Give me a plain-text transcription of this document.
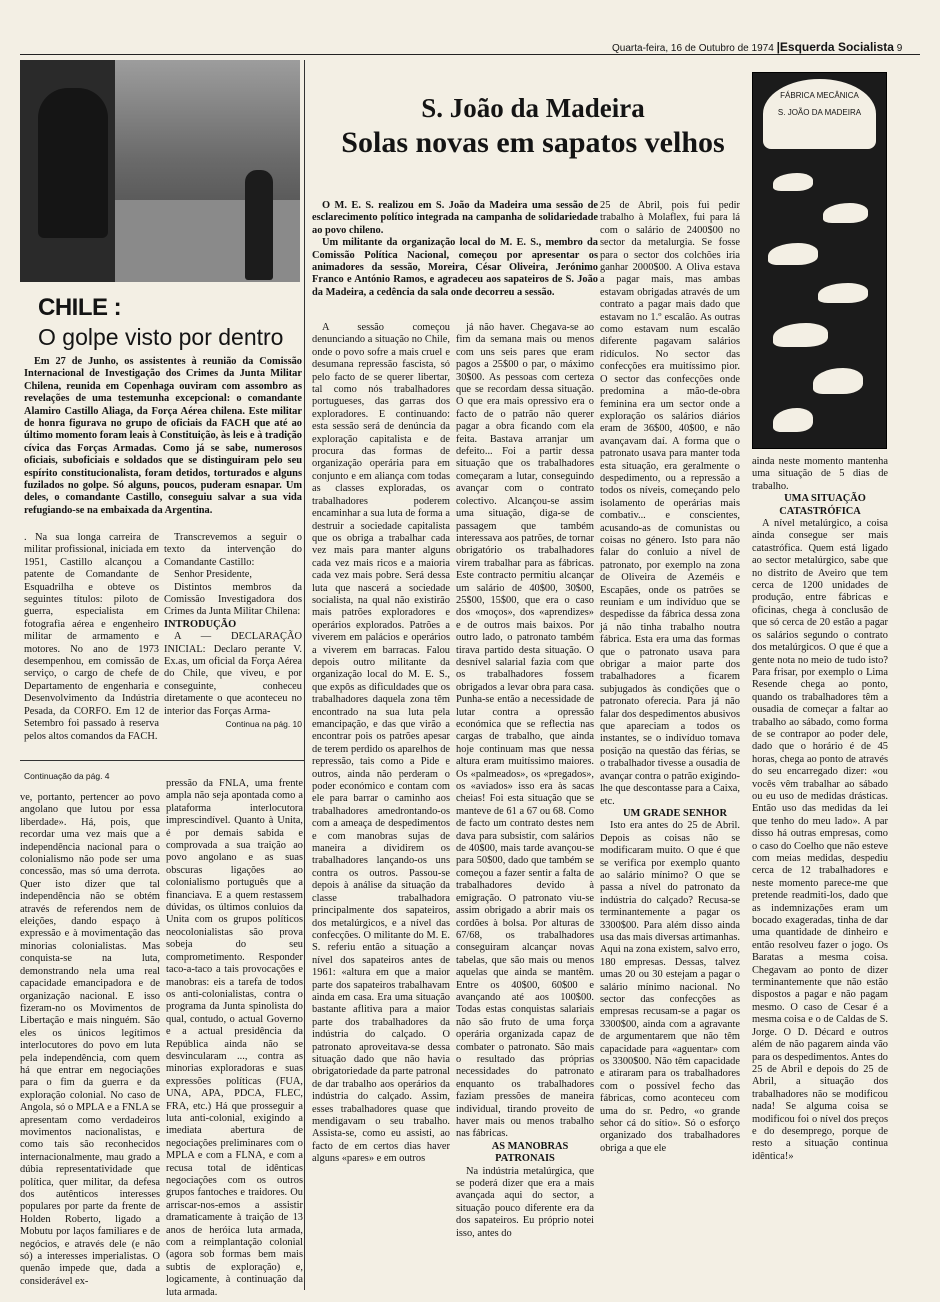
Quarta-feira, 16 de Outubro de 1974 |Esquerda Socialista 9
CHILE :
O golpe visto por dentro

Em 27 de Junho, os assistentes à reunião da Comissão Internacional de Investigação dos Crimes da Junta Militar Chilena, reunida em Copenhaga ouviram com assombro as revelações de uma testemunha excepcional: o comandante Alamiro Castillo Aliaga, da Força Aérea chilena. Este militar de honra figurava no grupo de oficiais da FACH que até ao último momento foram leais à Constituição, às leis e à tradição cívica das Forças Armadas. Como já se sabe, numerosos oficiais, suboficiais e soldados que se distinguiram pelo seu espírito constitucionalista, foram detidos, torturados e alguns fuzilados no golpe. Só alguns, poucos, puderam esnapar. Um deles, o comandante Castillo, conseguiu salvar a sua vida refugiando-se na embaixada da Argentina.

. Na sua longa carreira de militar profissional, iniciada em 1951, Castillo alcançou a patente de Comandante de Esquadrilha e obteve os seguintes títulos: piloto de guerra, especialista em fotografia aérea e engenheiro militar de armamento e motores. No ano de 1973 desempenhou, em comissão de serviço, o cargo de chefe de Departamento de engenharia e Desenvolvimento da Indústria Pesada, da CORFO. Em 12 de Setembro foi passado à reserva pelos altos comandos da FACH.

Transcrevemos a seguir o texto da intervenção do Comandante Castillo:

Senhor Presidente,

Distintos membros da Comissão Investigadora dos Crimes da Junta Militar Chilena:

INTRODUÇÃO

A — DECLARAÇÃO INICIAL: Declaro perante V. Ex.as, um oficial da Força Aérea do Chile, que viveu, e por conseguinte, conheceu diretamente o que aconteceu no interior das Forças Arma-

Continua na pág. 10

Continuação da pág. 4

ve, portanto, pertencer ao povo angolano que lutou por essa liberdade». Há, pois, que recordar uma vez mais que a independência nacional para o colonialismo não pode ser uma concessão, mas só uma derrota. Quer isto dizer que tal independência não se obtém através de referendos nem de eleições, dando espaço à expressão e à movimentação das minorias colonialistas. Mas conquista-se na luta, demonstrando nela uma real capacidade emancipadora e de organização nacional. E isso fizeram-no os Movimentos de Libertação e mais ninguém. São eles os únicos legítimos interlocutores do povo em luta pela independência, com quem há que entrar em negociações para o fim da guerra e da exploração colonial. No caso de Angola, só o MPLA e a FNLA se apresentam como verdadeiros movimentos nacionalistas, e como tais são reconhecidos internacionalmente, mau grado a dúbia representatividade que política, quer militar, da defesa dos autênticos interesses populares por parte da frente de Holden Roberto, ligado a Mobutu por laços familiares e de negócios, e através dele (e não só) a interesses imperialistas. O quenão impede que, dada a considerável ex-

pressão da FNLA, uma frente ampla não seja apontada como a plataforma interlocutora imprescindível. Quanto à Unita, é por demais sabida e comprovada a sua traição ao povo angolano e as suas obscuras ligações ao colonialismo português que a financiava. E a quem restassem dúvidas, os últimos conluios da Unita com os grupos políticos neocolonialistas são prova sobeja do seu comprometimento. Responder taco-a-taco a tais provocações e manobras: eis a tarefa de todos os anti-colonialistas, contra o programa da Junta spinolista do qual, contudo, o actual Governo e a actual presidência da República ainda não se desvincularam ..., contra as minorias exploradoras e suas expressões políticas (FUA, UNA, APA, PDCA, FLEC, FRA, etc.) Há que prosseguir a luta anti-colonial, exigindo a imediata abertura de negociações preliminares com o MPLA e com a FLNA, e com a recusa total de idênticas negociações com os outros grupos fantoches e traidores. Ou arriscar-nos-emos a assistir dramaticamente à traição de 13 anos de heróica luta armada, com a reimplantação colonial (agora sob formas bem mais subtis de exploração) e, logicamente, à continuação da luta armada.

S. João da Madeira
Solas novas em sapatos velhos
FÁBRICA MECÂNICA
S. JOÃO DA MADEIRA

O M. E. S. realizou em S. João da Madeira uma sessão de esclarecimento político integrada na campanha de solidariedade ao povo chileno.

Um militante da organização local do M. E. S., membro da Comissão Política Nacional, começou por apresentar os animadores da sessão, Moreira, César Oliveira, Jerónimo Franco e António Ramos, e agradeceu aos sapateiros de S. João da Madeira, a cedência da sala onde decorreu a sessão.

A sessão começou denunciando a situação no Chile, onde o povo sofre a mais cruel e desumana repressão fascista, só pelo facto de se querer libertar, tal como nós trabalhadores portugueses, das garras dos exploradores. E continuando: esta sessão será de denúncia da exploração capitalista e de procura das formas de organização operária para em conjunto e em aliança com todas as classes exploradas, os trabalhadores poderem encaminhar a sua luta de forma a destruir a sociedade capitalista que os obriga a trabalhar cada vez mais para manter alguns cada vez mais ricos e a maioria cada vez mais pobre. Será dessa luta que nascerá a sociedade socialista, na qual não existirão mais patrões exploradores e operários explorados. Patrões a viverem em palácios e operários a viverem em barracas. Falou depois outro militante da organização local do M. E. S., que expôs as dificuldades que os trabalhadores daquela zona têm encontrado na sua luta pela emancipação, e das que virão a encontrar pois os patrões apesar de terem perdido os aparelhos de repressão, tais como a Pide e outros, ainda não perderam o poder económico e contam com ele para barrar o caminho aos trabalhadores amedrontando-os com a ameaça de despedimentos e com manobras sujas de maneira a dividirem os trabalhadores lançando-os uns contra os outros. Passou-se depois à análise da situação da classe trabalhadora principalmente dos sapateiros, dos metalúrgicos, e a nível das confecções. O militante do M. E. S. referiu então a situação a nível dos sapateiros antes de 1961: «altura em que a maior parte dos sapateiros trabalhavam ainda em casa. Era uma situação bastante aflitiva para a maior parte dos trabalhadores da indústria do calçado. O patronato aproveitava-se dessa situação dado que não havia obrigatoriedade da parte patronal de dar trabalho aos operários da indústria do calçado. Assim, esses trabalhadores quase que mendigavam o seu trabalho. Assista-se, como eu assisti, ao facto de em certos dias haver alguns «pares» e em outros

já não haver. Chegava-se ao fim da semana mais ou menos com uns seis pares que eram pagos a 25$00 o par, o máximo 30$00. As pessoas com certeza que se recordam dessa situação. O que era mais opressivo era o facto de o patrão não querer pagar a obra ficando com ela feita. Bastava arranjar um defeito... Foi a partir dessa situação que os trabalhadores começaram a lutar, conseguindo avançar com o contrato colectivo. Alcançou-se assim uma situação, diga-se de passagem que também interessava aos patrões, de tornar obrigatório os trabalhadores virem trabalhar para as fábricas. Este contracto permitiu alcançar um salário de 40$00, 30$00, 25$00, 15$00, que era o caso dos «moços», dos «aprendizes» e de outros mais baixos. Por outro lado, o patronato também tirava partido desta situação. O desnível salarial fazia com que os trabalhadores fossem obrigados a levar obra para casa. Punha-se então a necessidade de lutar contra a opressão económica que se reflectia nas cargas de trabalho, que ainda hoje continuam mas que nessa altura eram muitíssimo maiores. Os «palmeados», os «pregados», os «aviados» isso era às sacas cheias! Foi esta situação que se manteve de 61 a 67 ou 68. Como de facto um contrato destes nem dava para subsistir, com salários de 40$00, mais tarde avançou-se para 50$00, dado que também se começou a fazer sentir a falta de trabalhadores devido à emigração. O patronato viu-se assim obrigado a abrir mais os cordões à bolsa. Por alturas de 67/68, os trabalhadores conseguiram alcançar novas tabelas, que são mais ou menos aquelas que ainda se mantêm. Entre os 40$00, 60$00 e avançando até aos 100$00. Todas estas conquistas salariais não são fruto de uma força operária organizada capaz de combater o patronato. São mais o resultado das próprias necessidades do patronato enquanto os trabalhadores faziam pressões de maneira individual, tirando proveito de haver mais ou menos trabalho nas fábricas.

AS MANOBRAS PATRONAIS

Na indústria metalúrgica, que se poderá dizer que era a mais avançada aqui do sector, a situação pouco diferente era da dos sapateiros. Eu próprio notei isso, antes do

25 de Abril, pois fui pedir trabalho à Molaflex, fui para lá com o salário de 2400$00 no sector da metalurgia. Se fosse para o sector dos colchões iria ganhar 2000$00. A Oliva estava a pagar mais, mas ambas estavam obrigadas através de um contrato a pagar mais dado que estavam no 1.º escalão. As outras como estavam num escalão diferente pagavam salários ridículos. No sector das confecções era muitíssimo pior. O sector das confecções onde predomina a mão-de-obra feminina era um sector onde a exploração os salários diários eram de 36$00, 40$00, e não avançavam daí. A forma que o patronato usava para manter toda esta situação, era geralmente o despedimento, ou a repressão a todos os níveis, começando pelo isolamento de operárias mais combativ... e conscientes, acusando-as de comunistas ou coisas no género. Isto para não falar do conluio a nível de patronato, por exemplo na zona de Oliveira de Azeméis e Escapães, onde os patrões se reuniam e um indivíduo que se despedisse da fábrica dessa zona já não tinha trabalho noutra fábrica. Esta era uma das formas que o patronato usava para obrigar a maior parte dos trabalhadores a ficarem subjugados às condições que o patronato oferecia. Para já não falar dos despedimentos abusivos que apareciam a todos os instantes, se o indivíduo tomava posição na questão das férias, se o trabalhador tivesse a ousadia de avançar contra o patrão exigindo-lhe que descontasse para a Caixa, etc.

UM GRADE SENHOR

Isto era antes do 25 de Abril. Depois as coisas não se modificaram muito. O que é que se verifica por exemplo quanto ao salário mínimo? O que se passa a nível do patronato da indústria do calçado? Recusa-se terminantemente a pagar os 3300$00. Para além disso ainda usa das mais diversas artimanhas. Aqui na zona existem, salvo erro, 180 empresas. Dessas, talvez umas 20 ou 30 estejam a pagar o salário mínimo nacional. No sector das confecções as empresas recusam-se a pagar os 3300$00, ainda com a agravante de argumentarem que não têm capacidade para «aguentar» com os 3300$00. Não têm capacidade e atiraram para os trabalhadores com o possível fecho das fábricas, como aconteceu com uma do sr. Pedro, «o grande sehor cá do sítio». Só o esforço organizado dos trabalhadores obriga a que ele

ainda neste momento mantenha uma situação de 5 dias de trabalho.

UMA SITUAÇÃO CATASTRÓFICA

A nível metalúrgico, a coisa ainda consegue ser mais catastrófica. Quem está ligado ao sector metalúrgico, sabe que no distrito de Aveiro que tem cerca de 1200 unidades de produção, entre fábricas e oficinas, chega à conclusão de que só cerca de 20 estão a pagar os salários segundo o contrato dos metalúrgicos. O que é que a gente nota no meio de tudo isto? Para frisar, por exemplo o Lima Resende chega ao ponto, quando os trabalhadores têm a ousadia de começar a faltar ao trabalho ao sábado, como forma de se contrapor ao poder dele, dado que o horário é de 45 horas, chega ao ponto de através do seu encarregado dizer: «ou vocês vêm trabalhar ao sábado ou eu uso de medidas drásticas. Então uso das medidas da lei que tenho do meu lado». A par disso há outras empresas, como o caso do Coelho que não esteve com meias medidas, despediu cerca de 12 trabalhadores e neste momento parece-me que pretende readmiti-los, dado que as indemnizações eram um bocado exageradas, tinha de dar uma quantidade de dinheiro e então resolveu fazer o jogo. Os Baratas a mesma coisa. Chegavam ao ponto de dizer terminantemente que não estão dispostos a pagar e não pagam mesmo. O caso de Cesar é a mesma coisa e o de Caldas de S. Jorge. O D. Décard e outros além de não pagarem ainda vão para os despedimentos. Antes do 25 de Abril e depois do 25 de Abril, a situação dos trabalhadores não se modificou nada! Se alguma coisa se modificou foi o nível dos preços e do desemprego, porque de resto a situação continua idêntica!»
